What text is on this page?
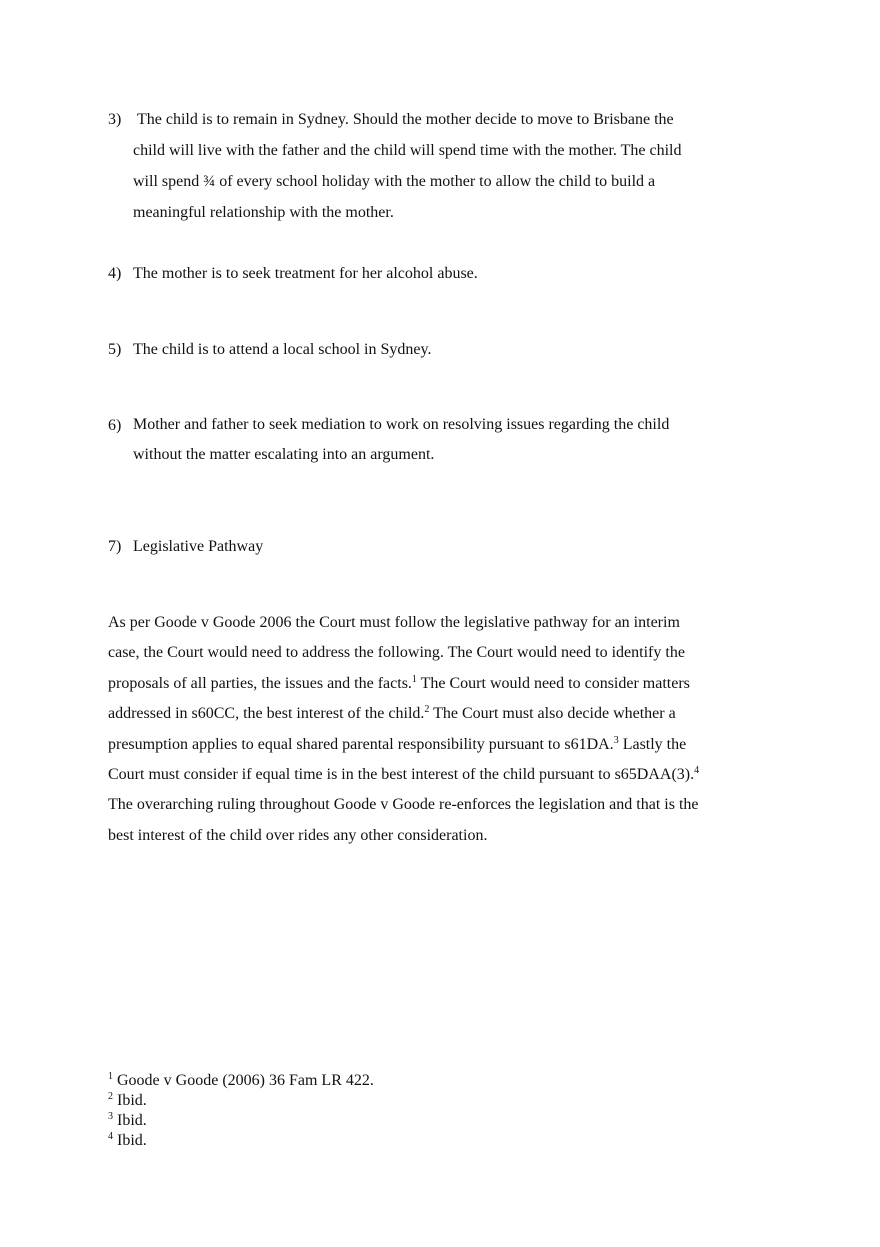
3) The child is to remain in Sydney. Should the mother decide to move to Brisbane the child will live with the father and the child will spend time with the mother. The child will spend ¾ of every school holiday with the mother to allow the child to build a meaningful relationship with the mother.
4) The mother is to seek treatment for her alcohol abuse.
5) The child is to attend a local school in Sydney.
6) Mother and father to seek mediation to work on resolving issues regarding the child without the matter escalating into an argument.
7) Legislative Pathway
As per Goode v Goode 2006 the Court must follow the legislative pathway for an interim case, the Court would need to address the following. The Court would need to identify the proposals of all parties, the issues and the facts.$^1$ The Court would need to consider matters addressed in s60CC, the best interest of the child.$^2$ The Court must also decide whether a presumption applies to equal shared parental responsibility pursuant to s61DA.$^3$ Lastly the Court must consider if equal time is in the best interest of the child pursuant to s65DAA(3).$^4$ The overarching ruling throughout Goode v Goode re-enforces the legislation and that is the best interest of the child over rides any other consideration.
$^1$ Goode v Goode (2006) 36 Fam LR 422.
$^2$ Ibid.
$^3$ Ibid.
$^4$ Ibid.
